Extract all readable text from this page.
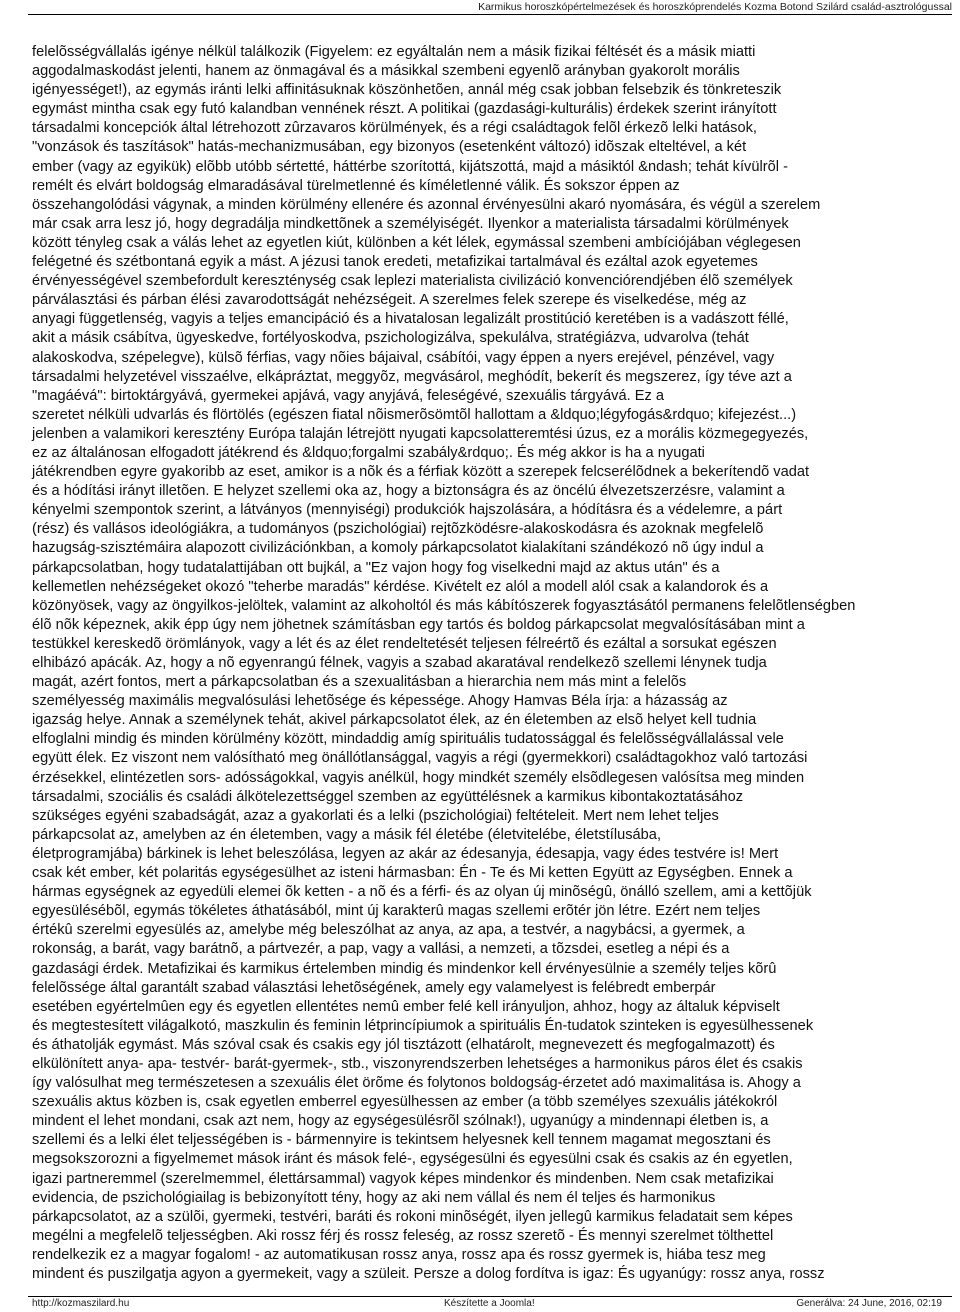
Karmikus horoszkópértelmezések és horoszkóprendelés Kozma Botond Szilárd család-asztrológussal
felelõsségvállalás igénye nélkül találkozik (Figyelem: ez egyáltalán nem a másik fizikai féltését és a másik miatti
aggodalmaskodást jelenti, hanem az önmagával és a másikkal szembeni egyenlõ arányban gyakorolt morális
igényességet!), az egymás iránti lelki affinitásuknak köszönhetõen, annál még csak jobban felsebzik és tönkreteszik
egymást mintha csak egy futó kalandban vennének részt. A politikai (gazdasági-kulturális) érdekek szerint irányított
társadalmi koncepciók által létrehozott zûrzavaros körülmények, és a régi családtagok felõl érkezõ lelki hatások,
"vonzások és taszítások" hatás-mechanizmusában, egy bizonyos (esetenként változó) idõszak elteltével, a két
ember (vagy az egyikük) elõbb utóbb sértetté, háttérbe szorítottá, kijátszottá, majd a másiktól &ndash; tehát kívülrõl -
remélt és elvárt boldogság elmaradásával türelmetlenné és kíméletlenné válik. És sokszor éppen az
összehangolódási vágynak, a minden körülmény ellenére és azonnal érvényesülni akaró nyomására, és végül a szerelem
már csak arra lesz jó, hogy degradálja mindkettõnek a személyiségét. Ilyenkor a materialista társadalmi körülmények
között tényleg csak a válás lehet az egyetlen kiút, különben a két lélek, egymással szembeni ambíciójában véglegesen
felégetné és szétbontaná egyik a mást. A jézusi tanok eredeti, metafizikai tartalmával és ezáltal azok egyetemes
érvényességével szembefordult kereszténység csak leplezi materialista civilizáció konvenciórendjében élõ személyek
párválasztási és párban élési zavarodottságát nehézségeit. A szerelmes felek szerepe és viselkedése, még az
anyagi függetlenség, vagyis a teljes emancipáció és a hivatalosan legalizált prostitúció keretében is a vadászott féllé,
akit a másik csábítva, ügyeskedve, fortélyoskodva, pszichologizálva, spekulálva, stratégiázva, udvarolva (tehát
alakoskodva, szépelegve), külsõ férfias, vagy nõies bájaival, csábítói, vagy éppen a nyers erejével, pénzével, vagy
társadalmi helyzetével visszaélve, elkápráztat, meggyõz, megvásárol, meghódít, bekerít és megszerez, így téve azt a
"magáévá": birtoktárgyává, gyermekei apjává, vagy anyjává, feleségévé, szexuális tárgyává. Ez a
szeretet nélküli udvarlás és flörtölés (egészen fiatal nõismerõsömtõl hallottam a &ldquo;légyfogás&rdquo; kifejezést...)
jelenben a valamikori keresztény Európa talaján létrejött nyugati kapcsolatteremtési úzus, ez a morális közmegegyezés,
ez az általánosan elfogadott játékrend és &ldquo;forgalmi szabály&rdquo;. És még akkor is ha a nyugati
játékrendben egyre gyakoribb az eset, amikor is a nõk és a férfiak között a szerepek felcserélõdnek a bekerítendõ vadat
és a hódítási irányt illetõen. E helyzet szellemi oka az, hogy a biztonságra és az öncélú élvezetszerzésre, valamint a
kényelmi szempontok szerint, a látványos (mennyiségi) produkciók hajszolására, a hódításra és a védelemre, a párt
(rész) és vallásos ideológiákra, a tudományos (pszichológiai) rejtõzködésre-alakoskodásra és azoknak megfelelõ
hazugság-szisztémáira alapozott civilizációnkban, a komoly párkapcsolatot kialakítani szándékozó nõ úgy indul a
párkapcsolatban, hogy tudatalattijában ott bujkál, a "Ez vajon hogy fog viselkedni majd az aktus után" és a
kellemetlen nehézségeket okozó "teherbe maradás" kérdése. Kivételt ez alól a modell alól csak a kalandorok és a
közönyösek, vagy az öngyilkos-jelöltek, valamint az alkoholtól és más kábítószerek fogyasztásától permanens felelõtlenségben
élõ nõk képeznek, akik épp úgy nem jöhetnek számításban egy tartós és boldog párkapcsolat megvalósításában mint a
testükkel kereskedõ örömlányok, vagy a lét és az élet rendeltetését teljesen félreértõ és ezáltal a sorsukat egészen
elhibázó apácák. Az, hogy a nõ egyenrangú félnek, vagyis a szabad akaratával rendelkezõ szellemi lénynek tudja
magát, azért fontos, mert a párkapcsolatban és a szexualitásban a hierarchia nem más mint a felelõs
személyesség maximális megvalósulási lehetõsége és képessége. Ahogy Hamvas Béla írja: a házasság az
igazság helye. Annak a személynek tehát, akivel párkapcsolatot élek, az én életemben az elsõ helyet kell tudnia
elfoglalni mindig és minden körülmény között, mindaddig amíg spirituális tudatossággal és felelõsségvállalással vele
együtt élek. Ez viszont nem valósítható meg önállótlansággal, vagyis a régi (gyermekkori) családtagokhoz való tartozási
érzésekkel, elintézetlen sors- adósságokkal, vagyis anélkül, hogy mindkét személy elsõdlegesen valósítsa meg minden
társadalmi, szociális és családi álkötelezettséggel szemben az együttélésnek a karmikus kibontakoztatásához
szükséges egyéni szabadságát, azaz a gyakorlati és a lelki (pszichológiai) feltételeit. Mert nem lehet teljes
párkapcsolat az, amelyben az én életemben, vagy a másik fél életébe (életvitelébe, életstílusába,
életprogramjába) bárkinek is lehet beleszólása, legyen az akár az édesanyja, édesapja, vagy édes testvére is! Mert
csak két ember, két polaritás egységesülhet az isteni hármasban: Én - Te és Mi ketten Együtt az Egységben. Ennek a
hármas egységnek az egyedüli elemei õk ketten - a nõ és a férfi- és az olyan új minõségû, önálló szellem, ami a kettõjük
egyesülésébõl, egymás tökéletes áthatásából, mint új karakterû magas szellemi erõtér jön létre. Ezért nem teljes
értékû szerelmi egyesülés az, amelybe még beleszólhat az anya, az apa, a testvér, a nagybácsi, a gyermek, a
rokonság, a barát, vagy barátnõ, a pártvezér, a pap, vagy a vallási, a nemzeti, a tõzsdei, esetleg a népi és a
gazdasági érdek. Metafizikai és karmikus értelemben mindig és mindenkor kell érvényesülnie a személy teljes kõrû
felelõssége által garantált szabad választási lehetõségének, amely egy valamelyest is felébredt emberpár
esetében egyértelmûen egy és egyetlen ellentétes nemû ember felé kell irányuljon, ahhoz, hogy az általuk képviselt
és megtestesített világalkotó, maszkulin és feminin létprincípiumok a spirituális Én-tudatok szinteken is egyesülhessenek
és áthatolják egymást. Más szóval csak és csakis egy jól tisztázott (elhatárolt, megnevezett és megfogalmazott) és
elkülönített anya- apa- testvér- barát-gyermek-, stb., viszonyrendszerben lehetséges a harmonikus páros élet és csakis
így valósulhat meg természetesen a szexuális élet örõme és folytonos boldogság-érzetet adó maximalitása is. Ahogy a
szexuális aktus közben is, csak egyetlen emberrel egyesülhessen az ember (a több személyes szexuális játékokról
mindent el lehet mondani, csak azt nem, hogy az egységesülésrõl szólnak!), ugyanúgy a mindennapi életben is, a
szellemi és a lelki élet teljességében is - bármennyire is tekintsem helyesnek kell tennem magamat megosztani és
megsokszorozni a figyelmemet mások iránt és mások felé-, egységesülni és egyesülni csak és csakis az én egyetlen,
igazi partneremmel (szerelmemmel, élettársammal) vagyok képes mindenkor és mindenben. Nem csak metafizikai
evidencia, de pszichológiailag is bebizonyított tény, hogy az aki nem vállal és nem él teljes és harmonikus
párkapcsolatot, az a szülõi, gyermeki, testvéri, baráti és rokoni minõségét, ilyen jellegû karmikus feladatait sem képes
megélni a megfelelõ teljességben. Aki rossz férj és rossz feleség, az rossz szeretõ - És mennyi szerelmet tölthettel
rendelkezik ez a magyar fogalom! - az automatikusan rossz anya, rossz apa és rossz gyermek is, hiába tesz meg
mindent és puszilgatja agyon a gyermekeit, vagy a szüleit. Persze a dolog fordítva is igaz: És ugyanúgy: rossz anya, rossz
http://kozmaszilard.hu	Készítette a Joomla!	Generálva: 24 June, 2016, 02:19
